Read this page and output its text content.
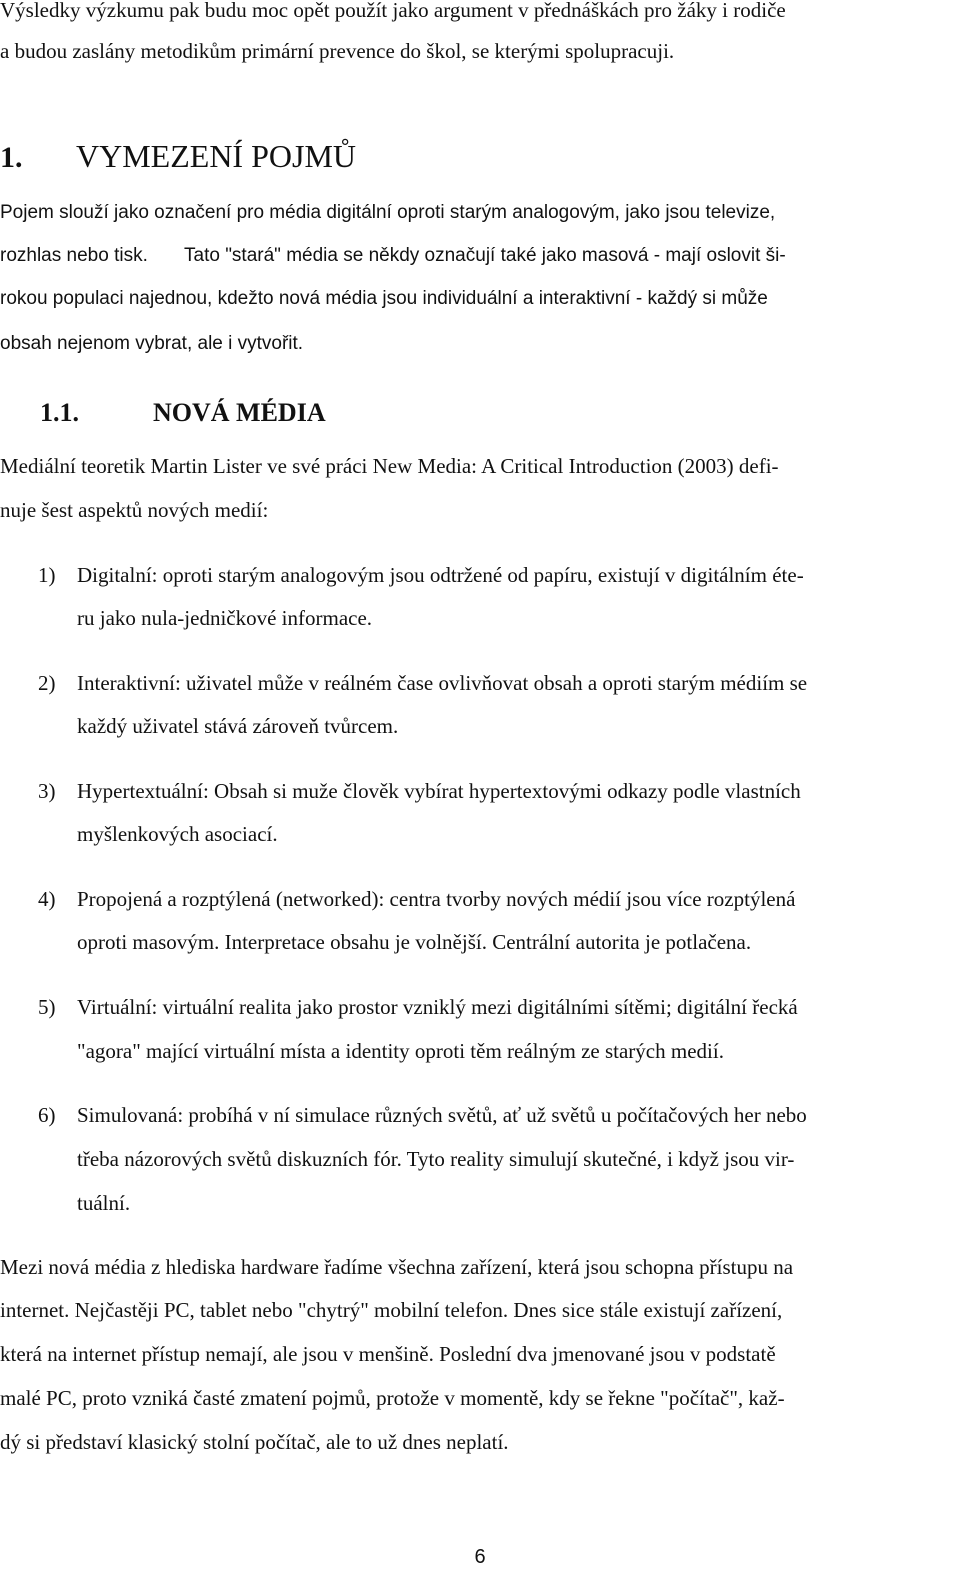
Výsledky výzkumu pak budu moc opět použít jako argument v přednáškách pro žáky i rodiče
a budou zaslány metodikům primární prevence do škol, se kterými spolupracuji.
1. VYMEZENÍ POJMŮ
Pojem slouží jako označení pro média digitální oproti starým analogovým, jako jsou televize,
rozhlas nebo tisk. Tato "stará" média se někdy označují také jako masová - mají oslovit ši-
rokou populaci najednou, kdežto nová média jsou individuální a interaktivní - každý si může
obsah nejenom vybrat, ale i vytvořit.
1.1.	NOVÁ MÉDIA
Mediální teoretik Martin Lister ve své práci New Media: A Critical Introduction (2003) defi-
nuje šest aspektů nových medií:
1) Digitalní: oproti starým analogovým jsou odtržené od papíru, existují v digitálním éte-
ru jako nula-jedničkové informace.
2) Interaktivní: uživatel může v reálném čase ovlivňovat obsah a oproti starým médiím se
každý uživatel stává zároveň tvůrcem.
3) Hypertextuální: Obsah si muže člověk vybírat hypertextovými odkazy podle vlastních
myšlenkových asociací.
4) Propojená a rozptýlená (networked): centra tvorby nových médií jsou více rozptýlená
oproti masovým. Interpretace obsahu je volnější. Centrální autorita je potlačena.
5) Virtuální: virtuální realita jako prostor vzniklý mezi digitálními sítěmi; digitální řecká
"agora" mající virtuální místa a identity oproti těm reálným ze starých medií.
6) Simulovaná: probíhá v ní simulace různých světů, ať už světů u počítačových her nebo
třeba názorových světů diskuzních fór. Tyto reality simulují skutečné, i když jsou vir-
tuální.
Mezi nová média z hlediska hardware řadíme všechna zařízení, která jsou schopna přístupu na
internet. Nejčastěji PC, tablet nebo "chytrý" mobilní telefon. Dnes sice stále existují zařízení,
která na internet přístup nemají, ale jsou v menšině. Poslední dva jmenované jsou v podstatě
malé PC, proto vzniká časté zmatení pojmů, protože v momentě, kdy se řekne "počítač", kaž-
dý si představí klasický stolní počítač, ale to už dnes neplatí.
6
